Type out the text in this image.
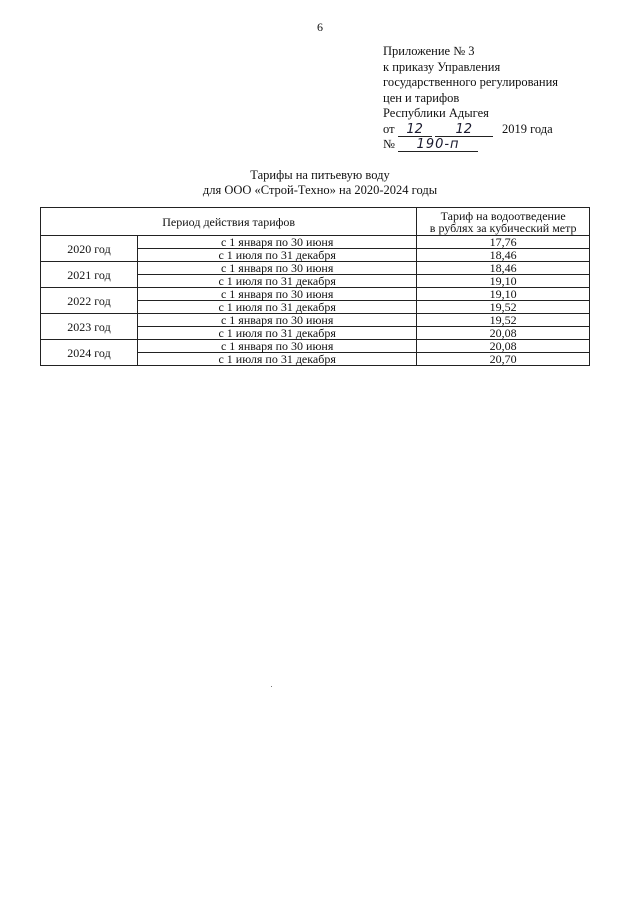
6
Приложение № 3
к приказу Управления
государственного регулирования
цен и тарифов
Республики Адыгея
от 12	12 2019 года
№ 190-п
Тарифы на питьевую воду
для ООО «Строй-Техно» на 2020-2024 годы
Период действия тарифов		Тариф на водоотведение
в рублях за кубический метр

2020 год	с 1 января по 30 июня	17,76
	с 1 июля по 31 декабря	18,46
2021 год	с 1 января по 30 июня	18,46
	с 1 июля по 31 декабря	19,10
2022 год	с 1 января по 30 июня	19,10
	с 1 июля по 31 декабря	19,52
2023 год	с 1 января по 30 июня	19,52
	с 1 июля по 31 декабря	20,08
2024 год	с 1 января по 30 июня	20,08
	с 1 июля по 31 декабря	20,70
